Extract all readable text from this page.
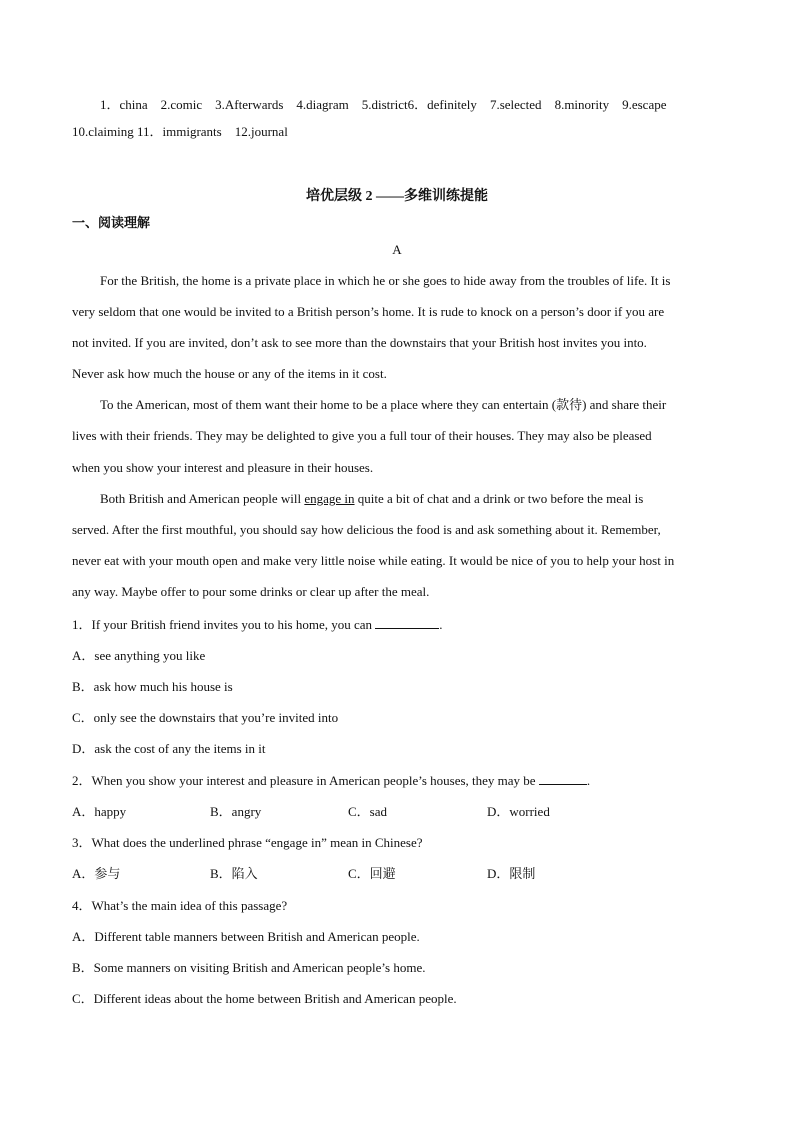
1．china 2.comic 3.Afterwards 4.diagram 5.district6．definitely 7.selected 8.minority 9.escape
10.claiming 11．immigrants 12.journal
培优层级 2 ——多维训练提能
一、阅读理解
A
For the British, the home is a private place in which he or she goes to hide away from the troubles of life. It is
very seldom that one would be invited to a British person’s home. It is rude to knock on a person’s door if you are
not invited. If you are invited, don’t ask to see more than the downstairs that your British host invites you into.
Never ask how much the house or any of the items in it cost.
To the American, most of them want their home to be a place where they can entertain (款待) and share their
lives with their friends. They may be delighted to give you a full tour of their houses. They may also be pleased
when you show your interest and pleasure in their houses.
Both British and American people will engage in quite a bit of chat and a drink or two before the meal is
served. After the first mouthful, you should say how delicious the food is and ask something about it. Remember,
never eat with your mouth open and make very little noise while eating. It would be nice of you to help your host in
any way. Maybe offer to pour some drinks or clear up after the meal.
1．If your British friend invites you to his home, you can	.
A．see anything you like
B．ask how much his house is
C．only see the downstairs that you’re invited into
D．ask the cost of any the items in it
2．When you show your interest and pleasure in American people’s houses, they may be	.
A．happy	B．angry	C．sad	D．worried
3．What does the underlined phrase “engage in” mean in Chinese?
A．参与	B．陷入	C．回避	D．限制
4．What’s the main idea of this passage?
A．Different table manners between British and American people.
B．Some manners on visiting British and American people’s home.
C．Different ideas about the home between British and American people.
